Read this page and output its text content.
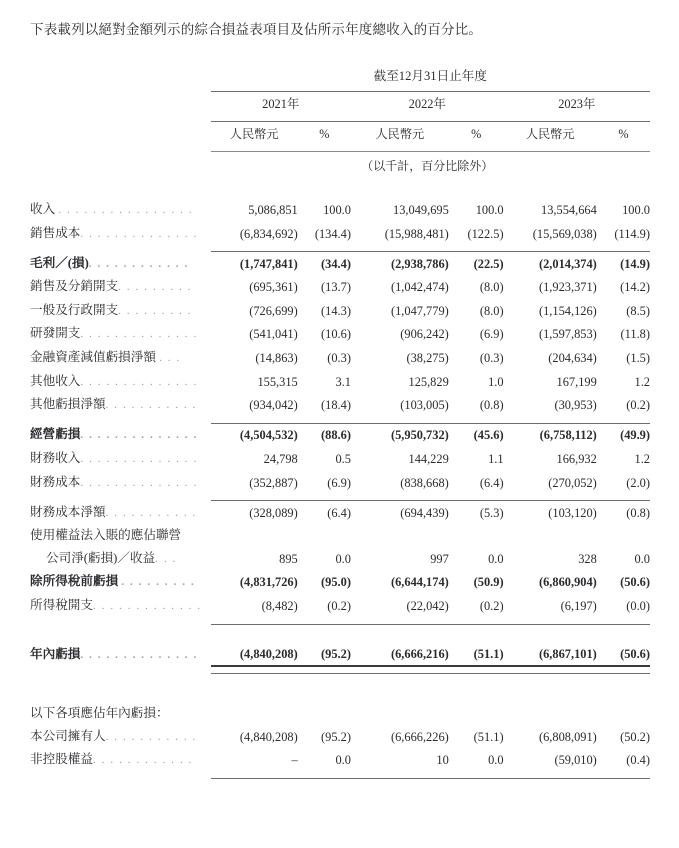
下表載列以絕對金額列示的綜合損益表項目及佔所示年度總收入的百分比。
	截至12月31日止年度					

	2021年		2022年		2023年	

	人民幣元	%	人民幣元	%	人民幣元	%

			（以千計，百分比除外）			

收入 . . . . . . . . . . . . . . . .	5,086,851	100.0	13,049,695	100.0	13,554,664	100.0
銷售成本. . . . . . . . . . . . . .	(6,834,692)	(134.4)	(15,988,481)	(122.5)	(15,569,038)	(114.9)

毛利／(損). . . . . . . . . . . .	(1,747,841)	(34.4)	(2,938,786)	(22.5)	(2,014,374)	(14.9)
銷售及分銷開支. . . . . . . . .	(695,361)	(13.7)	(1,042,474)	(8.0)	(1,923,371)	(14.2)
一般及行政開支. . . . . . . . .	(726,699)	(14.3)	(1,047,779)	(8.0)	(1,154,126)	(8.5)
研發開支. . . . . . . . . . . . . .	(541,041)	(10.6)	(906,242)	(6.9)	(1,597,853)	(11.8)
金融資產減值虧損淨額 . . .	(14,863)	(0.3)	(38,275)	(0.3)	(204,634)	(1.5)
其他收入. . . . . . . . . . . . . .	155,315	3.1	125,829	1.0	167,199	1.2
其他虧損淨額. . . . . . . . . . .	(934,042)	(18.4)	(103,005)	(0.8)	(30,953)	(0.2)

經營虧損. . . . . . . . . . . . . .	(4,504,532)	(88.6)	(5,950,732)	(45.6)	(6,758,112)	(49.9)
財務收入. . . . . . . . . . . . . .	24,798	0.5	144,229	1.1	166,932	1.2
財務成本. . . . . . . . . . . . . .	(352,887)	(6.9)	(838,668)	(6.4)	(270,052)	(2.0)

財務成本淨額. . . . . . . . . . .	(328,089)	(6.4)	(694,439)	(5.3)	(103,120)	(0.8)
使用權益法入賬的應佔聯營						
公司淨(虧損)／收益. . .	895	0.0	997	0.0	328	0.0
除所得稅前虧損 . . . . . . . . .	(4,831,726)	(95.0)	(6,644,174)	(50.9)	(6,860,904)	(50.6)
所得稅開支. . . . . . . . . . . . .	(8,482)	(0.2)	(22,042)	(0.2)	(6,197)	(0.0)

年內虧損. . . . . . . . . . . . . .	(4,840,208)	(95.2)	(6,666,216)	(51.1)	(6,867,101)	(50.6)

以下各項應佔年內虧損：						
本公司擁有人. . . . . . . . . . .	(4,840,208)	(95.2)	(6,666,226)	(51.1)	(6,808,091)	(50.2)
非控股權益. . . . . . . . . . . .	–	0.0	10	0.0	(59,010)	(0.4)
